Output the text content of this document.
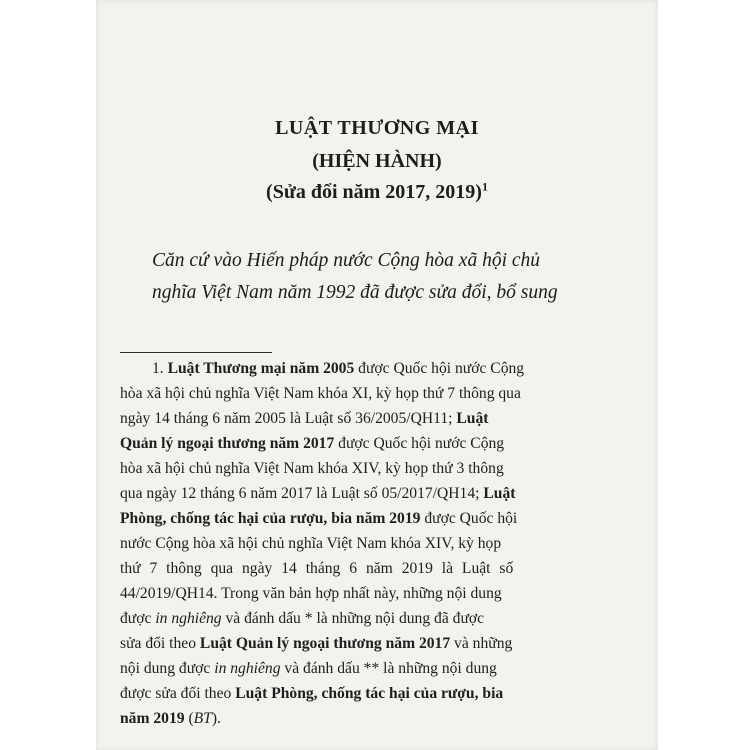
LUẬT THƯƠNG MẠI
(HIỆN HÀNH)
(Sửa đổi năm 2017, 2019)$^1$
Căn cứ vào Hiến pháp nước Cộng hòa xã hội chủ
nghĩa Việt Nam năm 1992 đã được sửa đổi, bổ sung
1. Luật Thương mại năm 2005 được Quốc hội nước Cộng
hòa xã hội chủ nghĩa Việt Nam khóa XI, kỳ họp thứ 7 thông qua
ngày 14 tháng 6 năm 2005 là Luật số 36/2005/QH11; Luật
Quản lý ngoại thương năm 2017 được Quốc hội nước Cộng
hòa xã hội chủ nghĩa Việt Nam khóa XIV, kỳ họp thứ 3 thông
qua ngày 12 tháng 6 năm 2017 là Luật số 05/2017/QH14; Luật
Phòng, chống tác hại của rượu, bia năm 2019 được Quốc hội
nước Cộng hòa xã hội chủ nghĩa Việt Nam khóa XIV, kỳ họp
thứ 7 thông qua ngày 14 tháng 6 năm 2019 là Luật số
44/2019/QH14. Trong văn bản hợp nhất này, những nội dung
được in nghiêng và đánh dấu * là những nội dung đã được
sửa đổi theo Luật Quản lý ngoại thương năm 2017 và những
nội dung được in nghiêng và đánh dấu ** là những nội dung
được sửa đổi theo Luật Phòng, chống tác hại của rượu, bia
năm 2019 (BT).
